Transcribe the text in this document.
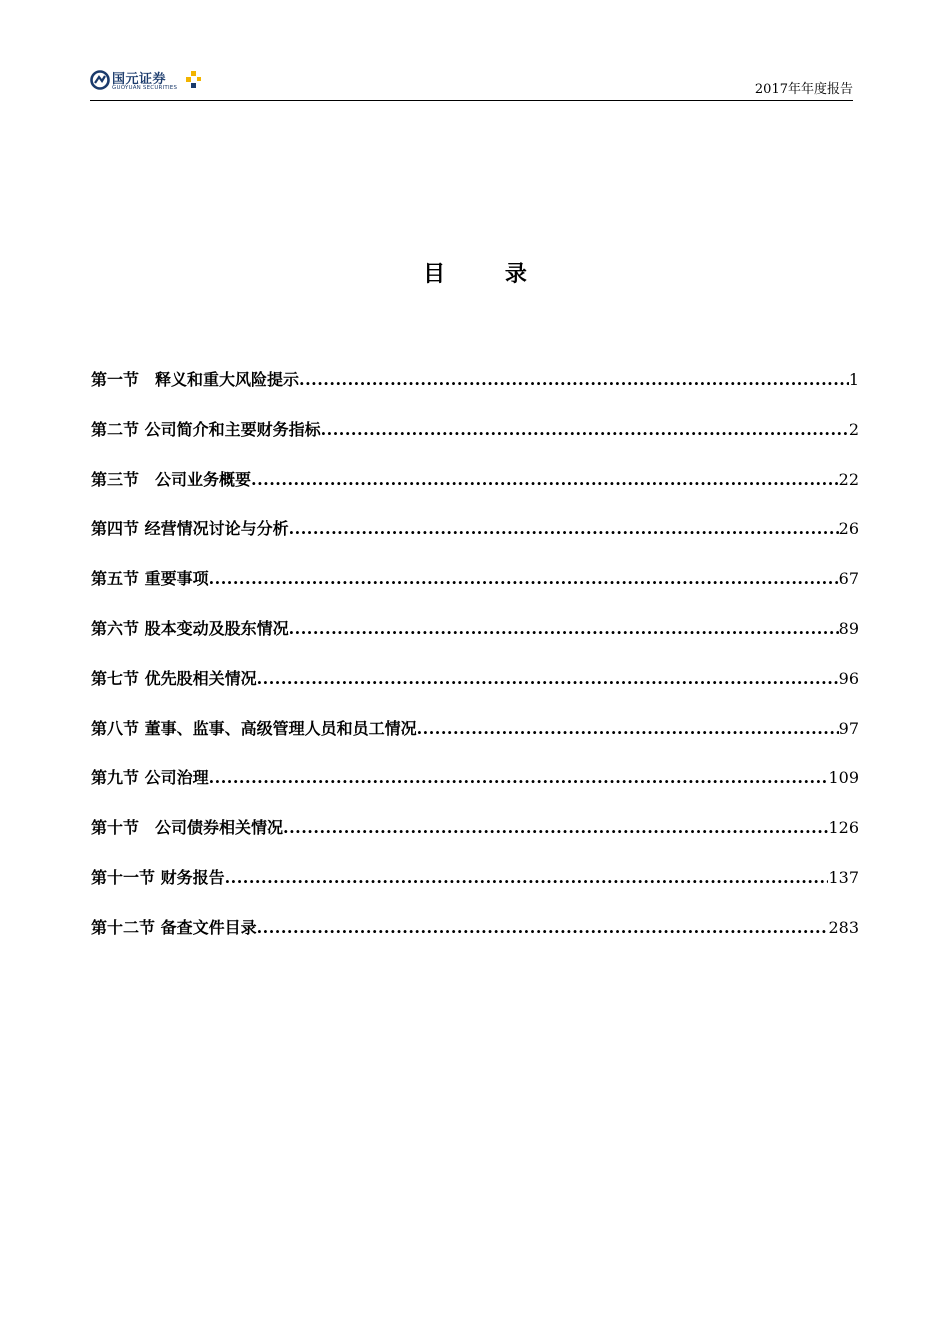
国元证券
GUOYUAN SECURITIES	2017年年度报告
目 录
第一节　释义和重大风险提示 .....	1
第二节 公司简介和主要财务指标 .....	2
第三节　公司业务概要 .....	22
第四节 经营情况讨论与分析 .....	26
第五节 重要事项 .....	67
第六节 股本变动及股东情况 .....	89
第七节 优先股相关情况 .....	96
第八节 董事、监事、高级管理人员和员工情况 .....	97
第九节 公司治理 .....	109
第十节　公司债券相关情况 .....	126
第十一节 财务报告 .....	137
第十二节 备查文件目录 .....	283
